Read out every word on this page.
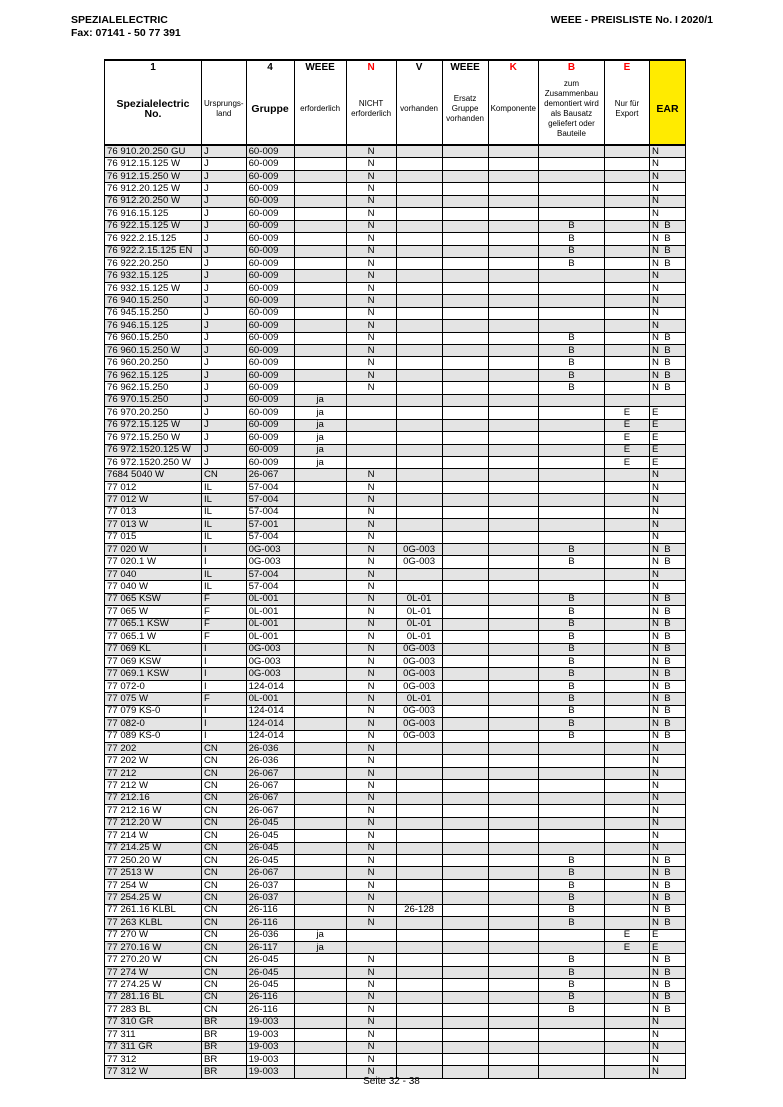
SPEZIALELECTRIC
Fax: 07141 - 50 77 391
WEEE - PREISLISTE No. I 2020/1
1		4	WEEE	N	V	WEEE	K	B	E	
Spezialelectric No.	Ursprungs-land	Gruppe	erforderlich	NICHT erforderlich	vorhanden	Ersatz Gruppe vorhanden	Komponente	zum Zusammenbau demontiert wird als Bausatz geliefert oder Bauteile	Nur für Export	EAR
76 910.20.250 GU	J	60-009		N						N
76 912.15.125 W	J	60-009		N						N
76 912.15.250 W	J	60-009		N						N
76 912.20.125 W	J	60-009		N						N
76 912.20.250 W	J	60-009		N						N
76 916.15.125	J	60-009		N						N
76 922.15.125 W	J	60-009		N				B		N  B
76 922.2.15.125	J	60-009		N				B		N  B
76 922.2.15.125 EN	J	60-009		N				B		N  B
76 922.20.250	J	60-009		N				B		N  B
76 932.15.125	J	60-009		N						N
76 932.15.125 W	J	60-009		N						N
76 940.15.250	J	60-009		N						N
76 945.15.250	J	60-009		N						N
76 946.15.125	J	60-009		N						N
76 960.15.250	J	60-009		N				B		N  B
76 960.15.250 W	J	60-009		N				B		N  B
76 960.20.250	J	60-009		N				B		N  B
76 962.15.125	J	60-009		N				B		N  B
76 962.15.250	J	60-009		N				B		N  B
76 970.15.250	J	60-009	ja							
76 970.20.250	J	60-009	ja						E	E
76 972.15.125 W	J	60-009	ja						E	E
76 972.15.250 W	J	60-009	ja						E	E
76 972.1520.125 W	J	60-009	ja						E	E
76 972.1520.250 W	J	60-009	ja						E	E
7684 5040 W	CN	26-067		N						N
77 012	IL	57-004		N						N
77 012 W	IL	57-004		N						N
77 013	IL	57-004		N						N
77 013 W	IL	57-001		N						N
77 015	IL	57-004		N						N
77 020 W	I	0G-003		N	0G-003			B		N  B
77 020.1 W	I	0G-003		N	0G-003			B		N  B
77 040	IL	57-004		N						N
77 040 W	IL	57-004		N						N
77 065 KSW	F	0L-001		N	0L-01			B		N  B
77 065 W	F	0L-001		N	0L-01			B		N  B
77 065.1 KSW	F	0L-001		N	0L-01			B		N  B
77 065.1 W	F	0L-001		N	0L-01			B		N  B
77 069 KL	I	0G-003		N	0G-003			B		N  B
77 069 KSW	I	0G-003		N	0G-003			B		N  B
77 069.1 KSW	I	0G-003		N	0G-003			B		N  B
77 072-0	I	124-014		N	0G-003			B		N  B
77 075 W	F	0L-001		N	0L-01			B		N  B
77 079 KS-0	I	124-014		N	0G-003			B		N  B
77 082-0	I	124-014		N	0G-003			B		N  B
77 089 KS-0	I	124-014		N	0G-003			B		N  B
77 202	CN	26-036		N						N
77 202 W	CN	26-036		N						N
77 212	CN	26-067		N						N
77 212 W	CN	26-067		N						N
77 212.16	CN	26-067		N						N
77 212.16 W	CN	26-067		N						N
77 212.20 W	CN	26-045		N						N
77 214 W	CN	26-045		N						N
77 214.25 W	CN	26-045		N						N
77 250.20 W	CN	26-045		N				B		N  B
77 2513 W	CN	26-067		N				B		N  B
77 254 W	CN	26-037		N				B		N  B
77 254.25 W	CN	26-037		N				B		N  B
77 261.16 KLBL	CN	26-116		N	26-128			B		N  B
77 263 KLBL	CN	26-116		N				B		N  B
77 270 W	CN	26-036	ja						E	E
77 270.16 W	CN	26-117	ja						E	E
77 270.20 W	CN	26-045		N				B		N  B
77 274 W	CN	26-045		N				B		N  B
77 274.25 W	CN	26-045		N				B		N  B
77 281.16 BL	CN	26-116		N				B		N  B
77 283 BL	CN	26-116		N				B		N  B
77 310 GR	BR	19-003		N						N
77 311	BR	19-003		N						N
77 311 GR	BR	19-003		N						N
77 312	BR	19-003		N						N
77 312 W	BR	19-003		N						N
Seite 32 - 38
